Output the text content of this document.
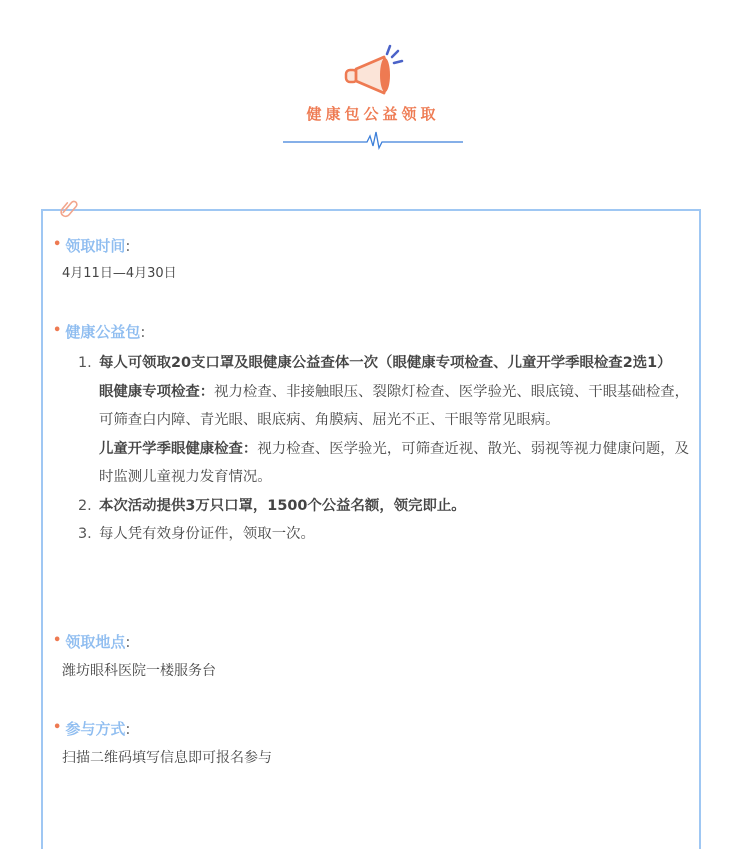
健康包公益领取
• 领取时间:
4月11日—4月30日
• 健康公益包:
1. 每人可领取20支口罩及眼健康公益查体一次（眼健康专项检查、儿童开学季眼检查2选1）
眼健康专项检查：视力检查、非接触眼压、裂隙灯检查、医学验光、眼底镜、干眼基础检查，可筛查白内障、青光眼、眼底病、角膜病、屈光不正、干眼等常见眼病。
儿童开学季眼健康检查：视力检查、医学验光，可筛查近视、散光、弱视等视力健康问题，及时监测儿童视力发育情况。
2. 本次活动提供3万只口罩，1500个公益名额，领完即止。
3. 每人凭有效身份证件，领取一次。
• 领取地点:
潍坊眼科医院一楼服务台
• 参与方式:
扫描二维码填写信息即可报名参与
